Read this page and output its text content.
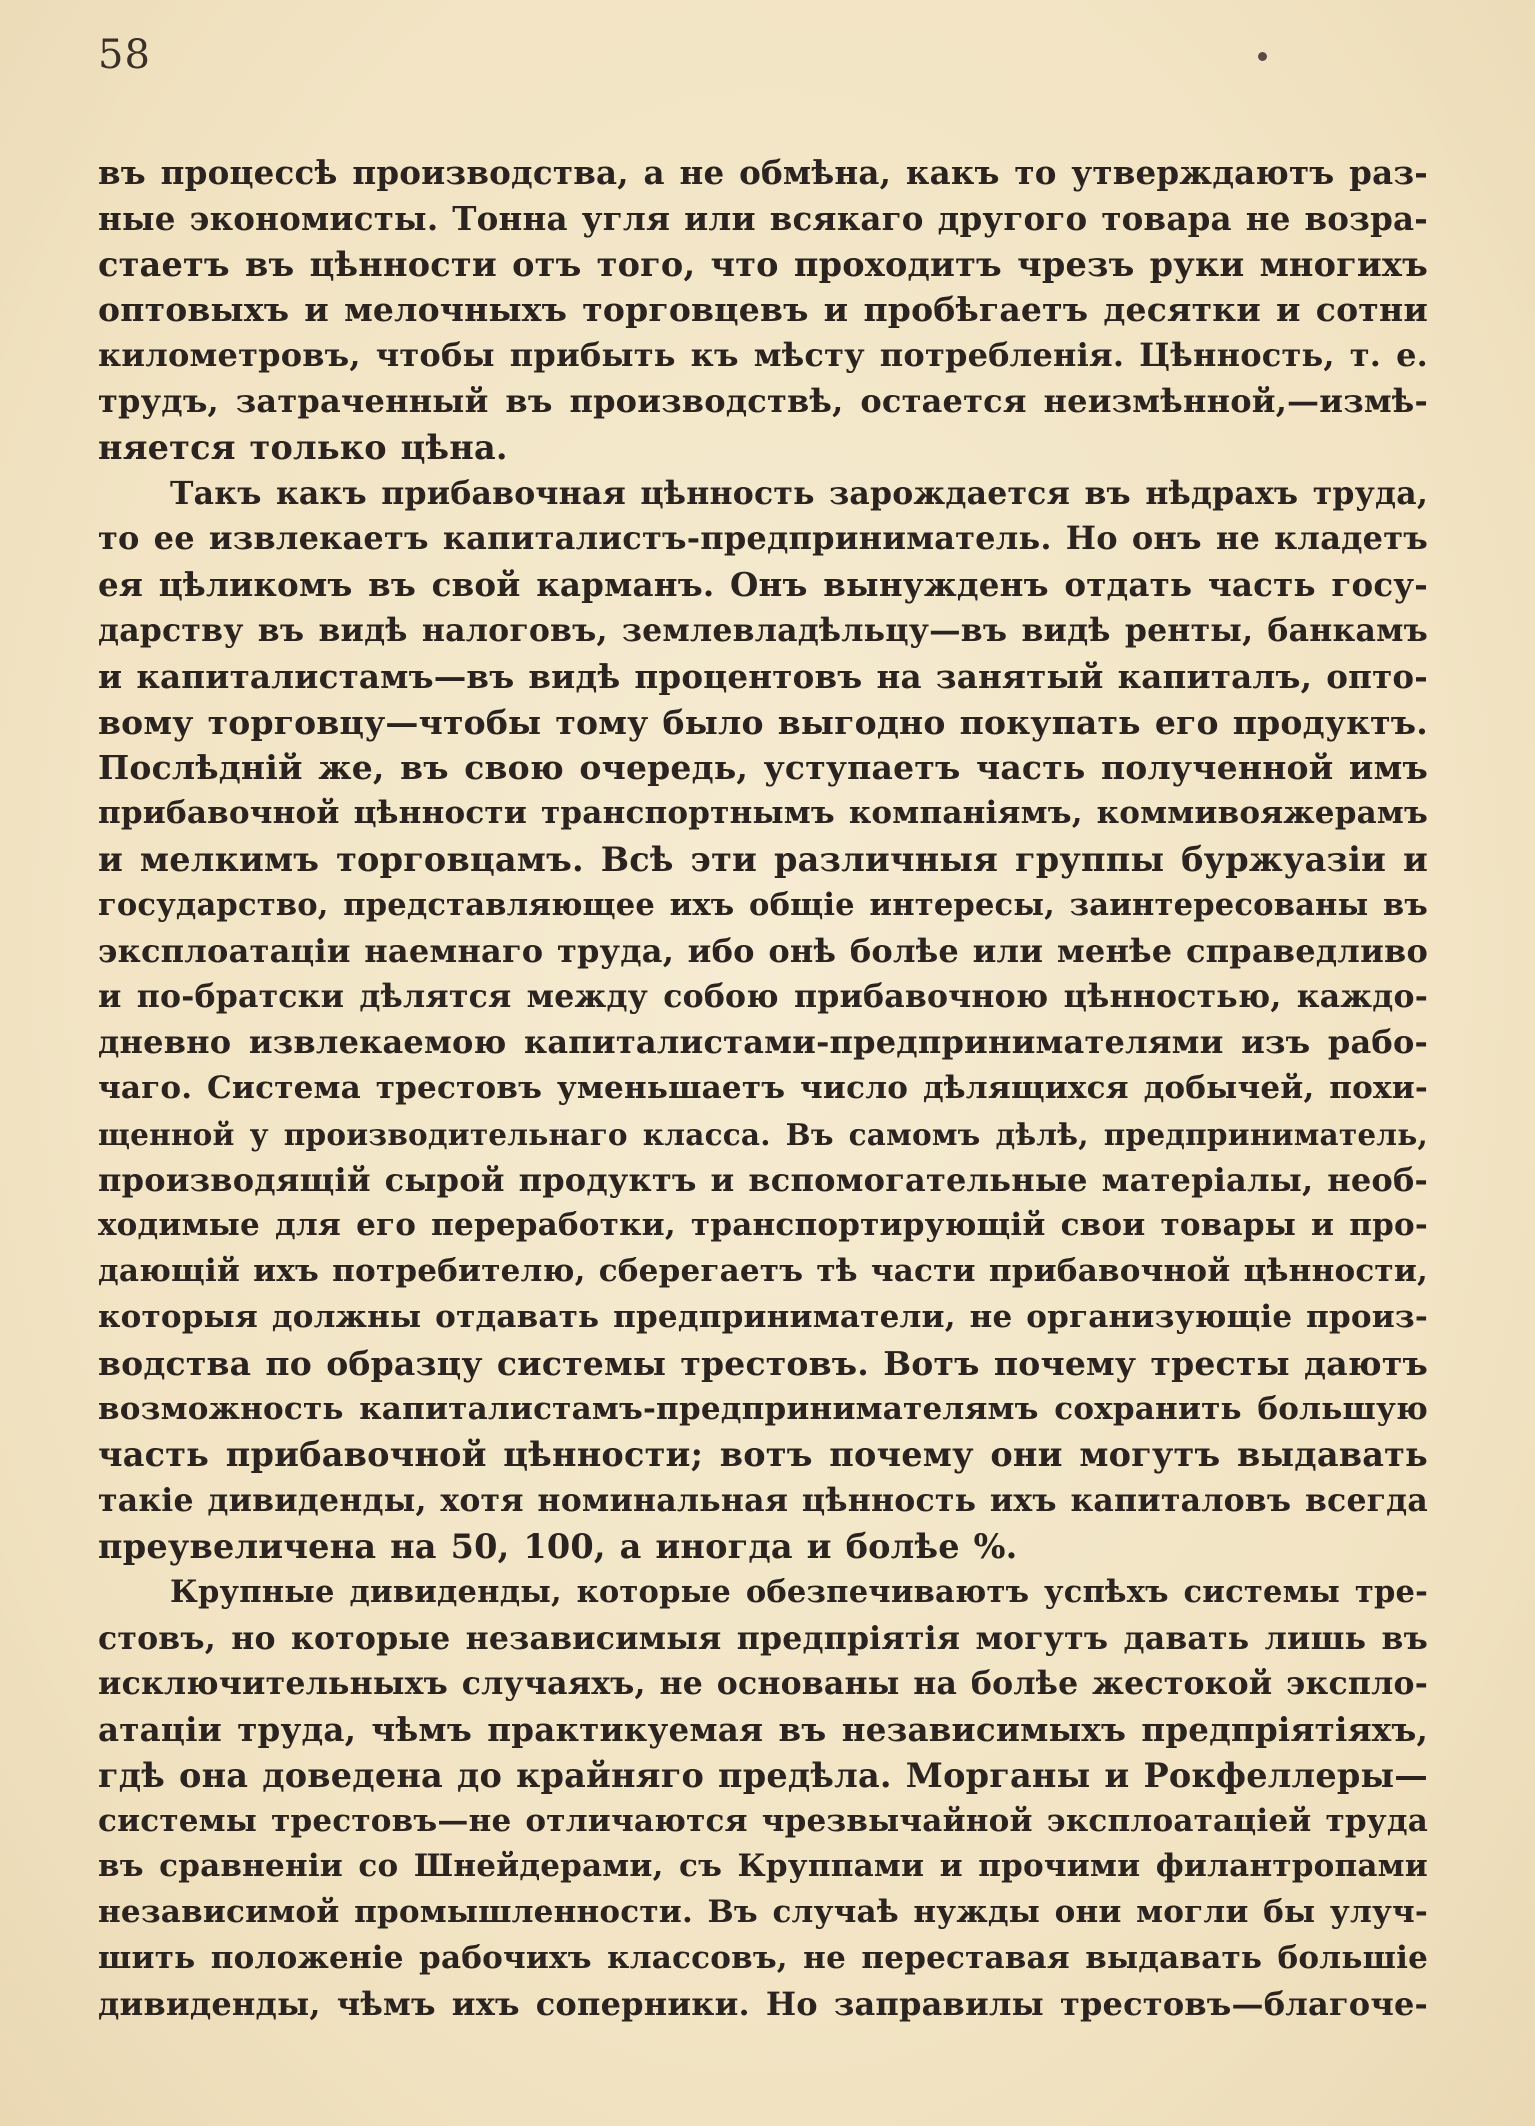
58
въ процессѣ производства, а не обмѣна, какъ то утверждаютъ раз-
ные экономисты. Тонна угля или всякаго другого товара не возра-
стаетъ въ цѣнности отъ того, что проходитъ чрезъ руки многихъ
оптовыхъ и мелочныхъ торговцевъ и пробѣгаетъ десятки и сотни
километровъ, чтобы прибыть къ мѣсту потребленія. Цѣнность, т. е.
трудъ, затраченный въ производствѣ, остается неизмѣнной,—измѣ-
няется только цѣна.
Такъ какъ прибавочная цѣнность зарождается въ нѣдрахъ труда,
то ее извлекаетъ капиталистъ-предприниматель. Но онъ не кладетъ
ея цѣликомъ въ свой карманъ. Онъ вынужденъ отдать часть госу-
дарству въ видѣ налоговъ, землевладѣльцу—въ видѣ ренты, банкамъ
и капиталистамъ—въ видѣ процентовъ на занятый капиталъ, опто-
вому торговцу—чтобы тому было выгодно покупать его продуктъ.
Послѣдній же, въ свою очередь, уступаетъ часть полученной имъ
прибавочной цѣнности транспортнымъ компаніямъ, коммивояжерамъ
и мелкимъ торговцамъ. Всѣ эти различныя группы буржуазіи и
государство, представляющее ихъ общіе интересы, заинтересованы въ
эксплоатаціи наемнаго труда, ибо онѣ болѣе или менѣе справедливо
и по-братски дѣлятся между собою прибавочною цѣнностью, каждо-
дневно извлекаемою капиталистами-предпринимателями изъ рабо-
чаго. Система трестовъ уменьшаетъ число дѣлящихся добычей, похи-
щенной у производительнаго класса. Въ самомъ дѣлѣ, предприниматель,
производящій сырой продуктъ и вспомогательные матеріалы, необ-
ходимые для его переработки, транспортирующій свои товары и про-
дающій ихъ потребителю, сберегаетъ тѣ части прибавочной цѣнности,
которыя должны отдавать предприниматели, не организующіе произ-
водства по образцу системы трестовъ. Вотъ почему тресты даютъ
возможность капиталистамъ-предпринимателямъ сохранить большую
часть прибавочной цѣнности; вотъ почему они могутъ выдавать
такіе дивиденды, хотя номинальная цѣнность ихъ капиталовъ всегда
преувеличена на 50, 100, а иногда и болѣе %.
Крупные дивиденды, которые обезпечиваютъ успѣхъ системы тре-
стовъ, но которые независимыя предпріятія могутъ давать лишь въ
исключительныхъ случаяхъ, не основаны на болѣе жестокой эксплo-
атаціи труда, чѣмъ практикуемая въ независимыхъ предпріятіяхъ,
гдѣ она доведена до крайняго предѣла. Морганы и Рокфеллеры—
системы трестовъ—не отличаются чрезвычайной эксплоатаціей труда
въ сравненіи со Шнейдерами, съ Круппами и прочими филантропами
независимой промышленности. Въ случаѣ нужды они могли бы улуч-
шить положеніе рабочихъ классовъ, не переставая выдавать большіе
дивиденды, чѣмъ ихъ соперники. Но заправилы трестовъ—благоче-
